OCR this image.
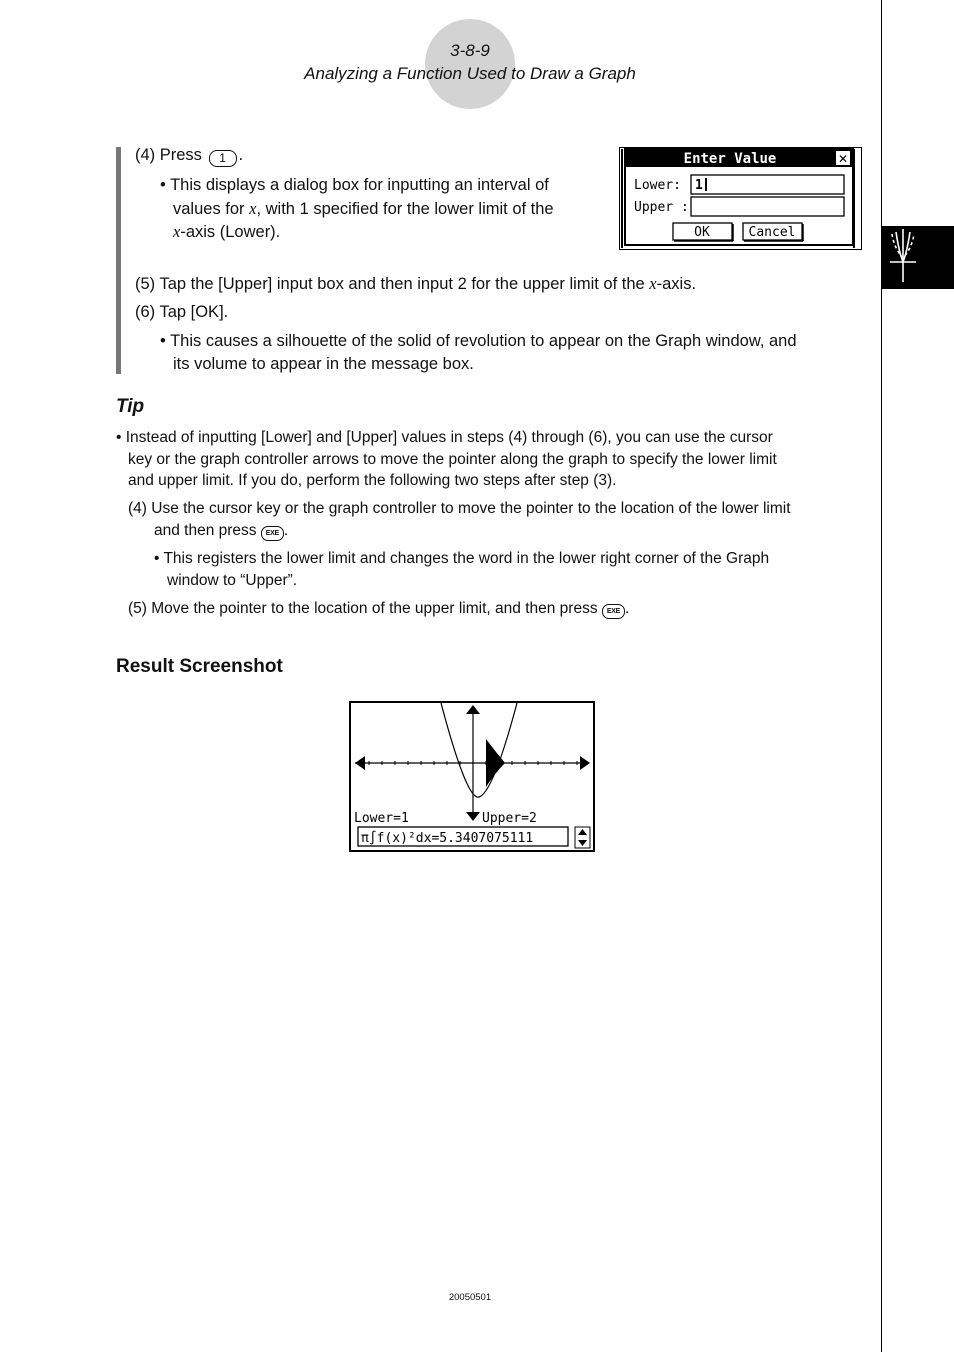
3-8-9
Analyzing a Function Used to Draw a Graph
(4) Press 1 .
• This displays a dialog box for inputting an interval of
values for x, with 1 specified for the lower limit of the
x-axis (Lower).
Enter Value	✕
Lower: 1
Upper :
OK	Cancel
(5) Tap the [Upper] input box and then input 2 for the upper limit of the x-axis.
(6) Tap [OK].
• This causes a silhouette of the solid of revolution to appear on the Graph window, and
its volume to appear in the message box.
Tip
• Instead of inputting [Lower] and [Upper] values in steps (4) through (6), you can use the cursor
key or the graph controller arrows to move the pointer along the graph to specify the lower limit
and upper limit. If you do, perform the following two steps after step (3).
(4) Use the cursor key or the graph controller to move the pointer to the location of the lower limit
and then press EXE .
• This registers the lower limit and changes the word in the lower right corner of the Graph
window to “Upper”.
(5) Move the pointer to the location of the upper limit, and then press EXE .
Result Screenshot
Lower=1	Upper=2
π∫f(x)²dx=5.3407075111
20050501
